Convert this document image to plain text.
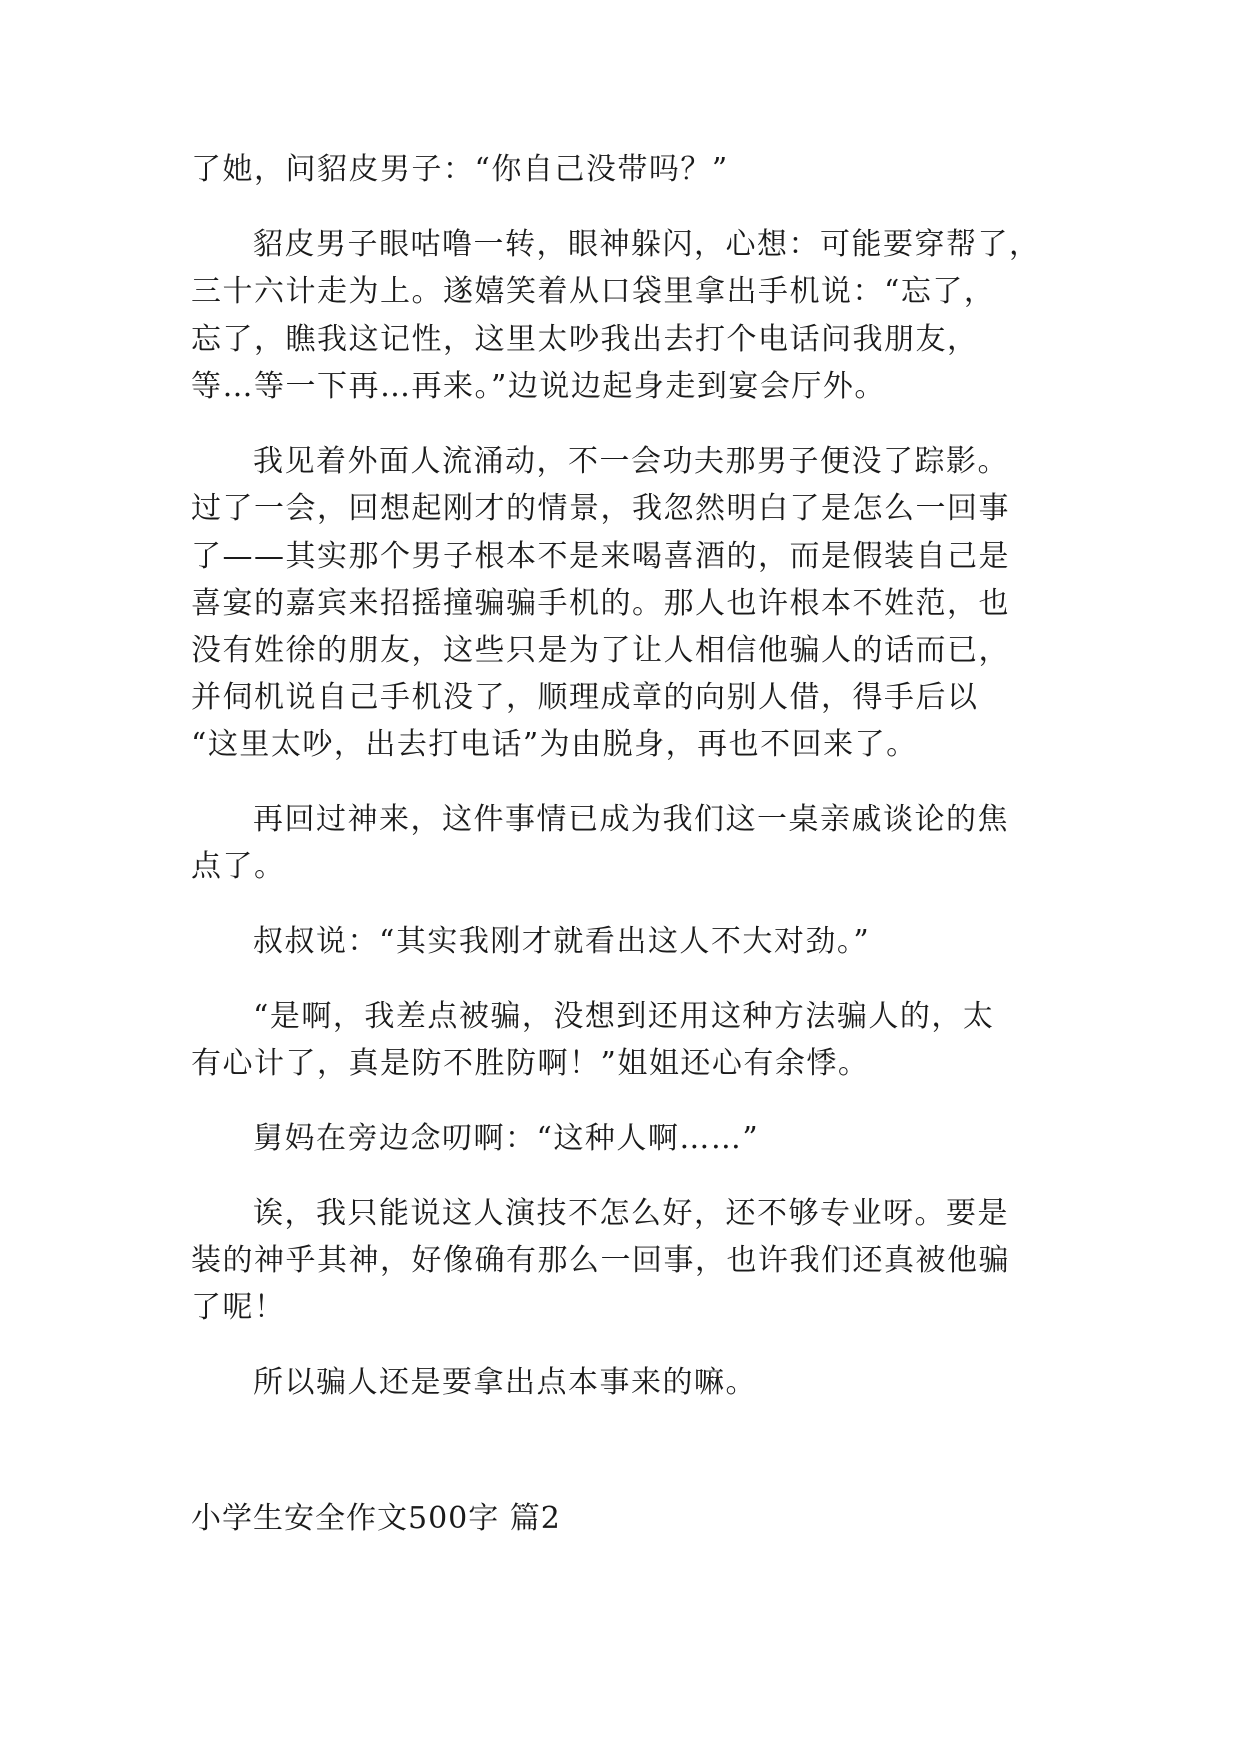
了她，问貂皮男子：“你自己没带吗？”
貂皮男子眼咕噜一转，眼神躲闪，心想：可能要穿帮了，
三十六计走为上。遂嬉笑着从口袋里拿出手机说：“忘了，
忘了，瞧我这记性，这里太吵我出去打个电话问我朋友，
等…等一下再…再来。”边说边起身走到宴会厅外。
我见着外面人流涌动，不一会功夫那男子便没了踪影。
过了一会，回想起刚才的情景，我忽然明白了是怎么一回事
了——其实那个男子根本不是来喝喜酒的，而是假装自己是
喜宴的嘉宾来招摇撞骗骗手机的。那人也许根本不姓范，也
没有姓徐的朋友，这些只是为了让人相信他骗人的话而已，
并伺机说自己手机没了，顺理成章的向别人借，得手后以
“这里太吵，出去打电话”为由脱身，再也不回来了。
再回过神来，这件事情已成为我们这一桌亲戚谈论的焦
点了。
叔叔说：“其实我刚才就看出这人不大对劲。”
“是啊，我差点被骗，没想到还用这种方法骗人的，太
有心计了，真是防不胜防啊！”姐姐还心有余悸。
舅妈在旁边念叨啊：“这种人啊……”
诶，我只能说这人演技不怎么好，还不够专业呀。要是
装的神乎其神，好像确有那么一回事，也许我们还真被他骗
了呢！
所以骗人还是要拿出点本事来的嘛。
小学生安全作文500字 篇2
